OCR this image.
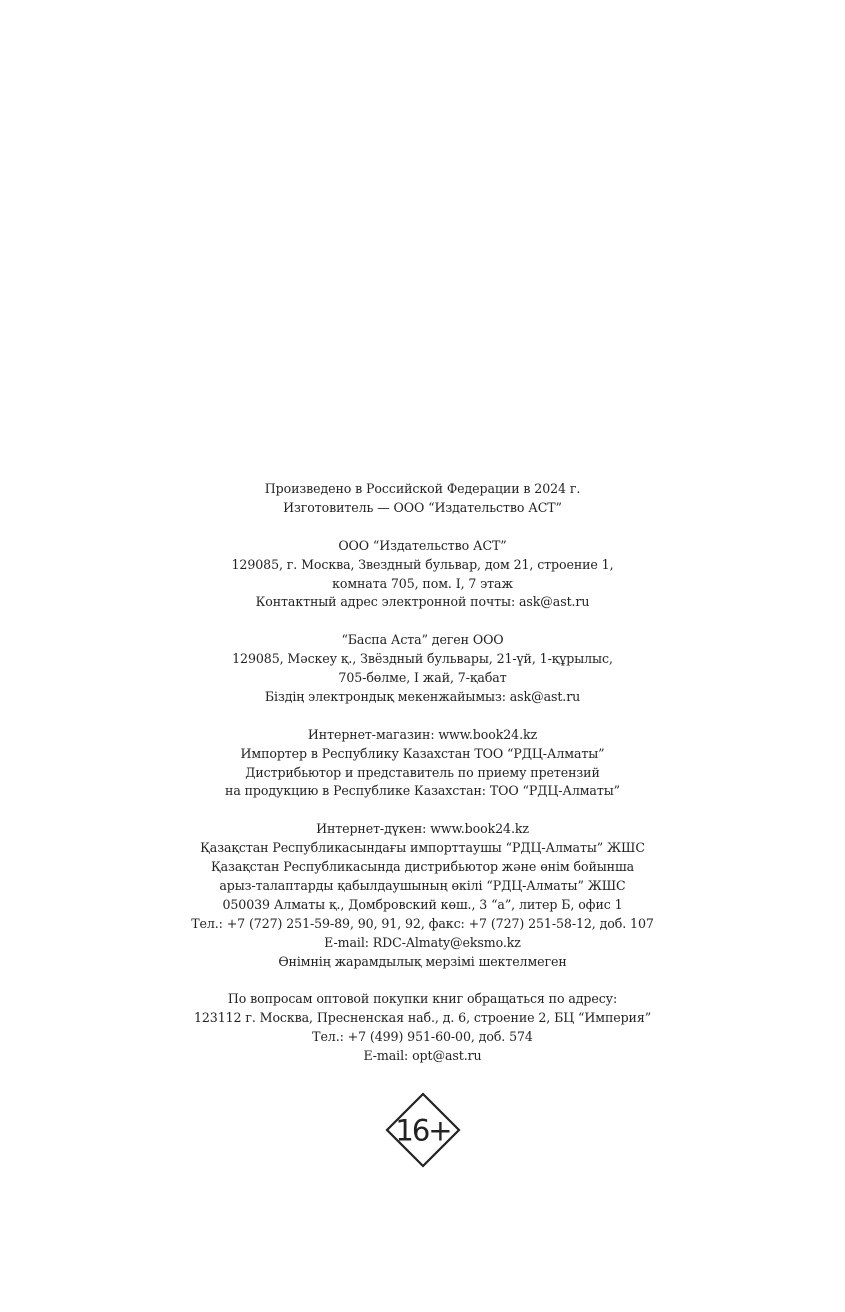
Произведено в Российской Федерации в 2024 г.
Изготовитель — ООО “Издательство АСТ”
ООО “Издательство АСТ”
129085, г. Москва, Звездный бульвар, дом 21, строение 1,
комната 705, пом. I, 7 этаж
Контактный адрес электронной почты: ask@ast.ru
“Баспа Аста” деген ООО
129085, Мәскеу қ., Звёздный бульвары, 21-үй, 1-құрылыс,
705-бөлме, I жай, 7-қабат
Біздің электрондық мекенжайымыз: ask@ast.ru
Интернет-магазин: www.book24.kz
Импортер в Республику Казахстан ТОО “РДЦ-Алматы”
Дистрибьютор и представитель по приему претензий
на продукцию в Республике Казахстан: ТОО “РДЦ-Алматы”
Интернет-дүкен: www.book24.kz
Қазақстан Республикасындағы импорттаушы “РДЦ-Алматы” ЖШС
Қазақстан Республикасында дистрибьютор және өнім бойынша
арыз-талаптарды қабылдаушының өкілі “РДЦ-Алматы” ЖШС
050039 Алматы қ., Домбровский көш., 3 “а”, литер Б, офис 1
Тел.: +7 (727) 251-59-89, 90, 91, 92, факс: +7 (727) 251-58-12, доб. 107
E-mail: RDC-Almaty@eksmo.kz
Өнімнің жарамдылық мерзімі шектелмеген
По вопросам оптовой покупки книг обращаться по адресу:
123112 г. Москва, Пресненская наб., д. 6, строение 2, БЦ “Империя”
Тел.: +7 (499) 951-60-00, доб. 574
E-mail: opt@ast.ru
16+
